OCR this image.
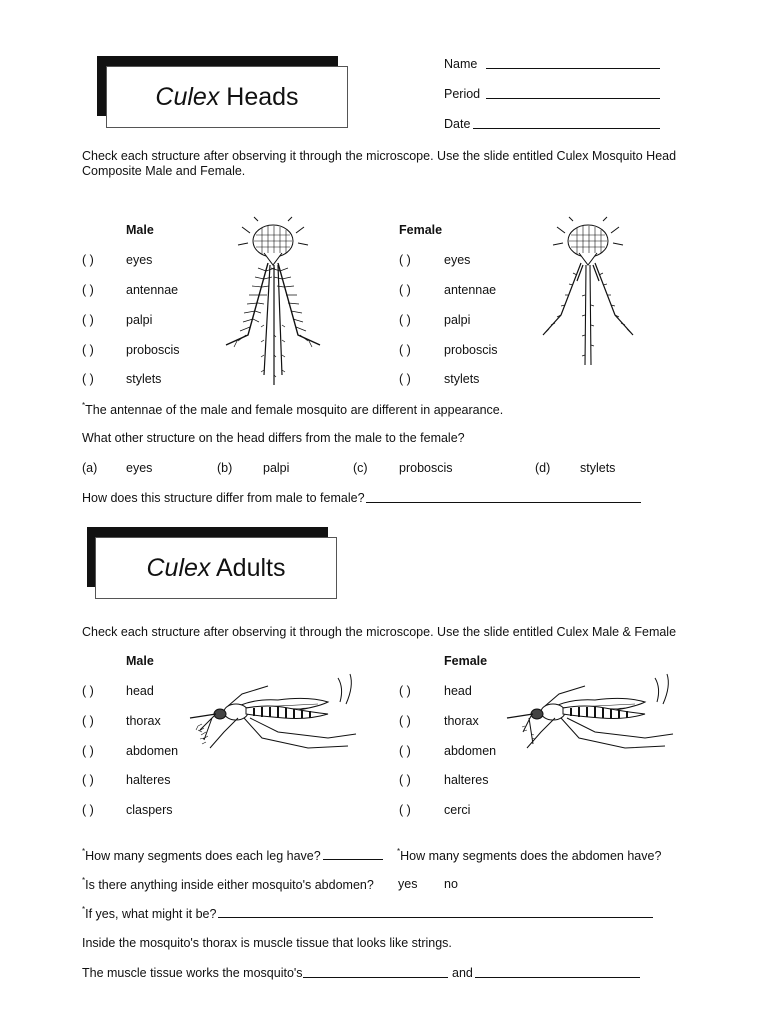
Name
Period
Date
Culex Heads
Check each structure after observing it through the microscope. Use the slide entitled Culex Mosquito Head
Composite Male and Female.
Male	Female
( )	eyes
( )	antennae
( )	palpi
( )	proboscis
( )	stylets
( )	eyes
( )	antennae
( )	palpi
( )	proboscis
( )	stylets
*The antennae of the male and female mosquito are different in appearance.
What other structure on the head differs from the male to the female?
(a) eyes	(b) palpi	(c)	proboscis	(d) stylets
How does this structure differ from male to female?
Culex Adults
Check each structure after observing it through the microscope. Use the slide entitled Culex Male & Female
Male	Female
( )	head
( )	thorax
( )	abdomen
( )	halteres
( )	claspers
( )	head
( )	thorax
( )	abdomen
( )	halteres
( )	cerci
*How many segments does each leg have?	*How many segments does the abdomen have?
*Is there anything inside either mosquito's abdomen? yes no
*If yes, what might it be?
Inside the mosquito's thorax is muscle tissue that looks like strings.
The muscle tissue works the mosquito's	and
